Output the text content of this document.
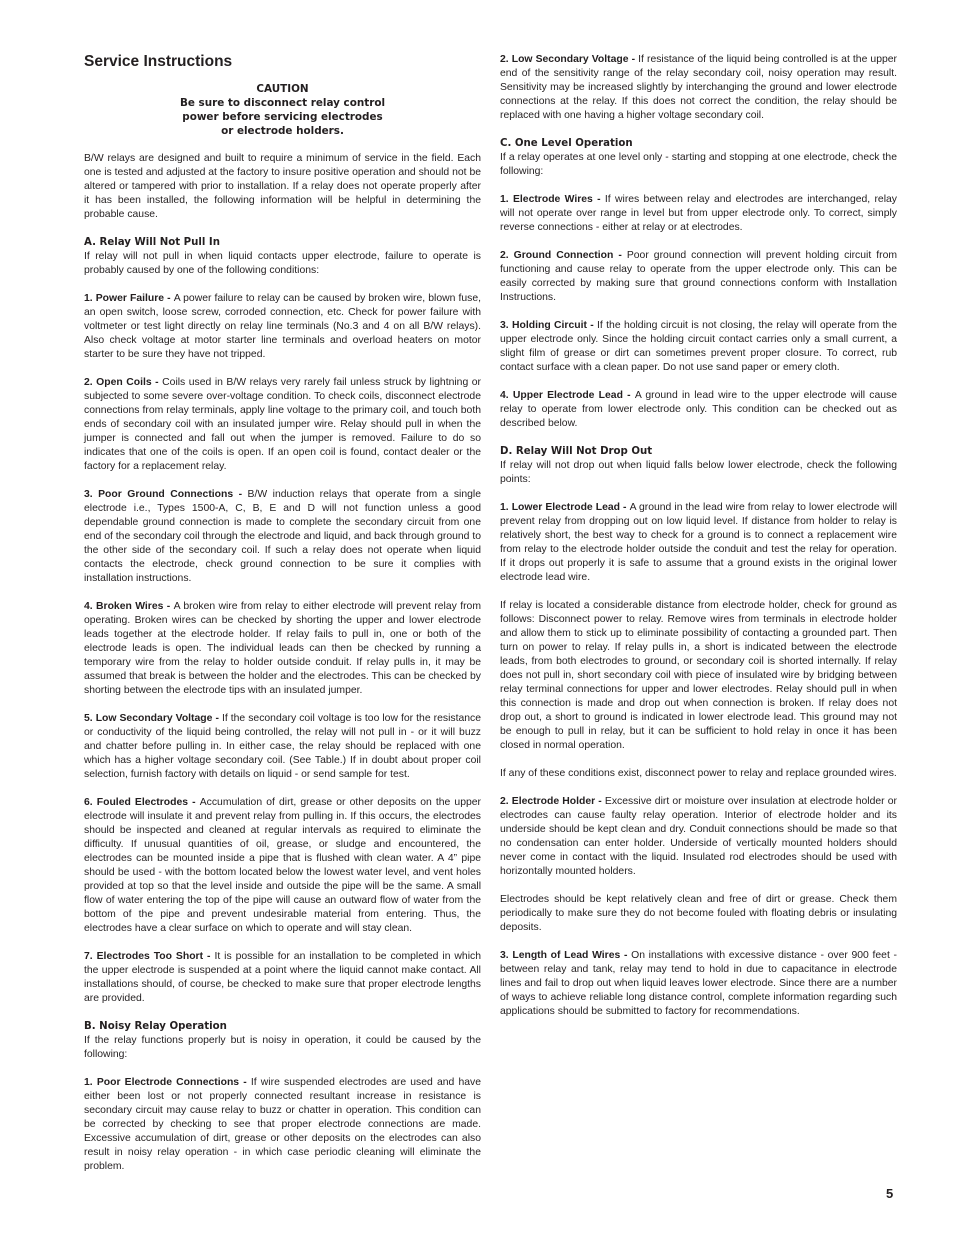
Service Instructions
CAUTION
Be sure to disconnect relay control
power before servicing electrodes
or electrode holders.

B/W relays are designed and built to require a minimum of service in the field. Each one is tested and adjusted at the factory to insure positive operation and should not be altered or tampered with prior to installation. If a relay does not operate properly after it has been installed, the following information will be helpful in determining the probable cause.

A. Relay Will Not Pull In
If relay will not pull in when liquid contacts upper electrode, failure to operate is probably caused by one of the following conditions:

1. Power Failure - A power failure to relay can be caused by broken wire, blown fuse, an open switch, loose screw, corroded connection, etc. Check for power failure with voltmeter or test light directly on relay line terminals (No.3 and 4 on all B/W relays). Also check voltage at motor starter line terminals and overload heaters on motor starter to be sure they have not tripped.

2. Open Coils - Coils used in B/W relays very rarely fail unless struck by lightning or subjected to some severe over-voltage condition. To check coils, disconnect electrode connections from relay terminals, apply line voltage to the primary coil, and touch both ends of secondary coil with an insulated jumper wire. Relay should pull in when the jumper is connected and fall out when the jumper is removed. Failure to do so indicates that one of the coils is open. If an open coil is found, contact dealer or the factory for a replacement relay.

3. Poor Ground Connections - B/W induction relays that operate from a single electrode i.e., Types 1500-A, C, B, E and D will not function unless a good dependable ground connection is made to complete the secondary circuit from one end of the secondary coil through the electrode and liquid, and back through ground to the other side of the secondary coil. If such a relay does not operate when liquid contacts the electrode, check ground connection to be sure it complies with installation instructions.

4. Broken Wires - A broken wire from relay to either electrode will prevent relay from operating. Broken wires can be checked by shorting the upper and lower electrode leads together at the electrode holder. If relay fails to pull in, one or both of the electrode leads is open. The individual leads can then be checked by running a temporary wire from the relay to holder outside conduit. If relay pulls in, it may be assumed that break is between the holder and the electrodes. This can be checked by shorting between the electrode tips with an insulated jumper.

5. Low Secondary Voltage - If the secondary coil voltage is too low for the resistance or conductivity of the liquid being controlled, the relay will not pull in - or it will buzz and chatter before pulling in. In either case, the relay should be replaced with one which has a higher voltage secondary coil. (See Table.) If in doubt about proper coil selection, furnish factory with details on liquid - or send sample for test.

6. Fouled Electrodes - Accumulation of dirt, grease or other deposits on the upper electrode will insulate it and prevent relay from pulling in. If this occurs, the electrodes should be inspected and cleaned at regular intervals as required to eliminate the difficulty. If unusual quantities of oil, grease, or sludge and encountered, the electrodes can be mounted inside a pipe that is flushed with clean water. A 4” pipe should be used - with the bottom located below the lowest water level, and vent holes provided at top so that the level inside and outside the pipe will be the same. A small flow of water entering the top of the pipe will cause an outward flow of water from the bottom of the pipe and prevent undesirable material from entering. Thus, the electrodes have a clear surface on which to operate and will stay clean.

7. Electrodes Too Short - It is possible for an installation to be completed in which the upper electrode is suspended at a point where the liquid cannot make contact. All installations should, of course, be checked to make sure that proper electrode lengths are provided.

B. Noisy Relay Operation
If the relay functions properly but is noisy in operation, it could be caused by the following:

1. Poor Electrode Connections - If wire suspended electrodes are used and have either been lost or not properly connected resultant increase in resistance is secondary circuit may cause relay to buzz or chatter in operation. This condition can be corrected by checking to see that proper electrode connections are made. Excessive accumulation of dirt, grease or other deposits on the electrodes can also result in noisy relay operation - in which case periodic cleaning will eliminate the problem.

2. Low Secondary Voltage - If resistance of the liquid being controlled is at the upper end of the sensitivity range of the relay secondary coil, noisy operation may result. Sensitivity may be increased slightly by interchanging the ground and lower electrode connections at the relay. If this does not correct the condition, the relay should be replaced with one having a higher voltage secondary coil.

C. One Level Operation
If a relay operates at one level only - starting and stopping at one electrode, check the following:

1. Electrode Wires - If wires between relay and electrodes are interchanged, relay will not operate over range in level but from upper electrode only. To correct, simply reverse connections - either at relay or at electrodes.

2. Ground Connection - Poor ground connection will prevent holding circuit from functioning and cause relay to operate from the upper electrode only. This can be easily corrected by making sure that ground connections conform with Installation Instructions.

3. Holding Circuit - If the holding circuit is not closing, the relay will operate from the upper electrode only. Since the holding circuit contact carries only a small current, a slight film of grease or dirt can sometimes prevent proper closure. To correct, rub contact surface with a clean paper. Do not use sand paper or emery cloth.

4. Upper Electrode Lead - A ground in lead wire to the upper electrode will cause relay to operate from lower electrode only. This condition can be checked out as described below.

D. Relay Will Not Drop Out
If relay will not drop out when liquid falls below lower electrode, check the following points:

1. Lower Electrode Lead - A ground in the lead wire from relay to lower electrode will prevent relay from dropping out on low liquid level. If distance from holder to relay is relatively short, the best way to check for a ground is to connect a replacement wire from relay to the electrode holder outside the conduit and test the relay for operation. If it drops out properly it is safe to assume that a ground exists in the original lower electrode lead wire.

If relay is located a considerable distance from electrode holder, check for ground as follows: Disconnect power to relay. Remove wires from terminals in electrode holder and allow them to stick up to eliminate possibility of contacting a grounded part. Then turn on power to relay. If relay pulls in, a short is indicated between the electrode leads, from both electrodes to ground, or secondary coil is shorted internally. If relay does not pull in, short secondary coil with piece of insulated wire by bridging between relay terminal connections for upper and lower electrodes. Relay should pull in when this connection is made and drop out when connection is broken. If relay does not drop out, a short to ground is indicated in lower electrode lead. This ground may not be enough to pull in relay, but it can be sufficient to hold relay in once it has been closed in normal operation.

If any of these conditions exist, disconnect power to relay and replace grounded wires.

2. Electrode Holder - Excessive dirt or moisture over insulation at electrode holder or electrodes can cause faulty relay operation. Interior of electrode holder and its underside should be kept clean and dry. Conduit connections should be made so that no condensation can enter holder. Underside of vertically mounted holders should never come in contact with the liquid. Insulated rod electrodes should be used with horizontally mounted holders.

Electrodes should be kept relatively clean and free of dirt or grease. Check them periodically to make sure they do not become fouled with floating debris or insulating deposits.

3. Length of Lead Wires - On installations with excessive distance - over 900 feet - between relay and tank, relay may tend to hold in due to capacitance in electrode lines and fail to drop out when liquid leaves lower electrode. Since there are a number of ways to achieve reliable long distance control, complete information regarding such applications should be submitted to factory for recommendations.

5
